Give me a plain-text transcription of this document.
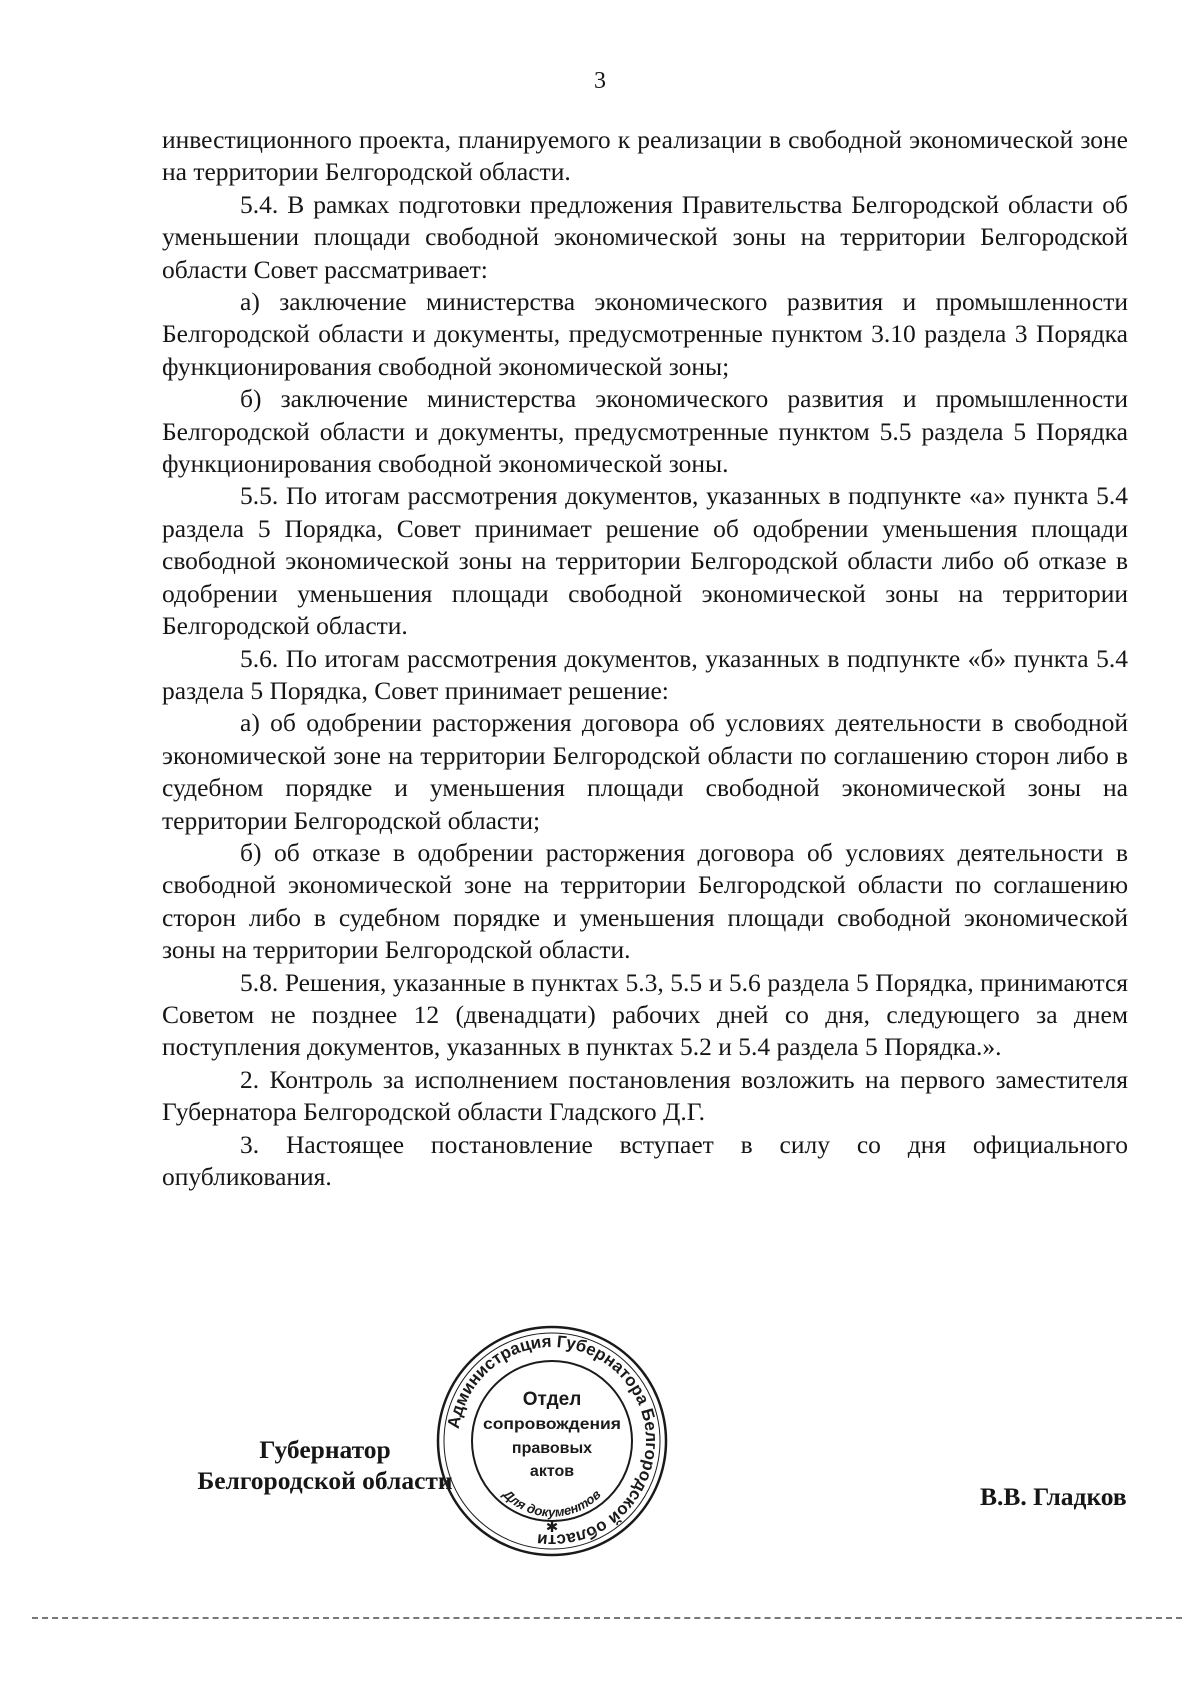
3

инвестиционного проекта, планируемого к реализации в свободной экономической зоне на территории Белгородской области.

5.4. В рамках подготовки предложения Правительства Белгородской области об уменьшении площади свободной экономической зоны на территории Белгородской области Совет рассматривает:

а) заключение министерства экономического развития и промышленности Белгородской области и документы, предусмотренные пунктом 3.10 раздела 3 Порядка функционирования свободной экономической зоны;

б) заключение министерства экономического развития и промышленности Белгородской области и документы, предусмотренные пунктом 5.5 раздела 5 Порядка функционирования свободной экономической зоны.

5.5. По итогам рассмотрения документов, указанных в подпункте «а» пункта 5.4 раздела 5 Порядка, Совет принимает решение об одобрении уменьшения площади свободной экономической зоны на территории Белгородской области либо об отказе в одобрении уменьшения площади свободной экономической зоны на территории Белгородской области.

5.6. По итогам рассмотрения документов, указанных в подпункте «б» пункта 5.4 раздела 5 Порядка, Совет принимает решение:

а) об одобрении расторжения договора об условиях деятельности в свободной экономической зоне на территории Белгородской области по соглашению сторон либо в судебном порядке и уменьшения площади свободной экономической зоны на территории Белгородской области;

б) об отказе в одобрении расторжения договора об условиях деятельности в свободной экономической зоне на территории Белгородской области по соглашению сторон либо в судебном порядке и уменьшения площади свободной экономической зоны на территории Белгородской области.

5.8. Решения, указанные в пунктах 5.3, 5.5 и 5.6 раздела 5 Порядка, принимаются Советом не позднее 12 (двенадцати) рабочих дней со дня, следующего за днем поступления документов, указанных в пунктах 5.2 и 5.4 раздела 5 Порядка.».

2. Контроль за исполнением постановления возложить на первого заместителя Губернатора Белгородской области Гладского Д.Г.

3. Настоящее постановление вступает в силу со дня официального опубликования.

Губернатор
Белгородской области
Администрация Губернатора Белгородской области
Отдел
сопровождения
правовых
актов
Для документов
✱
В.В. Гладков
